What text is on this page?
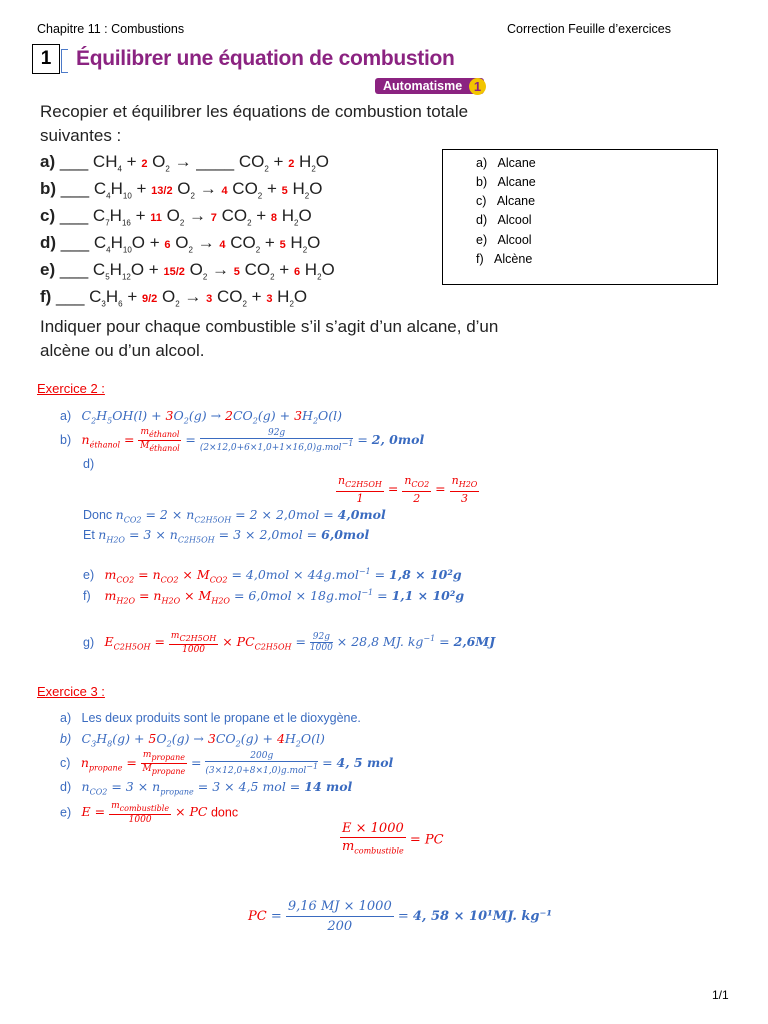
Chapitre 11 : Combustions	Correction Feuille d’exercices
1	Équilibrer une équation de combustion
Automatisme 1
Recopier et équilibrer les équations de combustion totale suivantes :
a) ___ $CH_4 + 2$ $O_2$ → ____ $CO_2 + 2$ $H_2O$
b) ___ $C_4H_{10} + 13/2$ $O_2 \to 4$ $CO_2 + 5$ $H_2O$
c) ___ $C_7H_{16} + 11$ $O_2 \to 7$ $CO_2 + 8$ $H_2O$
d) ___ $C_4H_{10}O + 6$ $O_2 \to 4$ $CO_2 + 5$ $H_2O$
e) ___ $C_5H_{12}O + 15/2$ $O_2 \to 5$ $CO_2 + 6$ $H_2O$
f) ___ $C_3H_6 + 9/2$ $O_2 \to 3$ $CO_2 + 3$ $H_2O$
Indiquer pour chaque combustible s’il s’agit d’un alcane, d’un alcène ou d’un alcool.
a)   Alcane
b)   Alcane
c)   Alcane
d)   Alcool
e)   Alcool
f)   Alcène
Exercice 2 :
a)   $C_2H_5OH(l) + 3O_2(g) \to 2CO_2(g) + 3H_2O(l)$
b)   $n_{éthanol} = \frac{m_{éthanol}}{M_{éthanol}} = \frac{92g}{(2\times 12,0+6\times 1,0+1\times 16,0)g.mol^{-1}} = 2$, 0mol
d)
$\frac{n_{C2H5OH}}{1} = \frac{n_{CO2}}{2} = \frac{n_{H2O}}{3}$
Donc $n_{CO2} = 2 \times n_{C2H5OH} = 2 \times 2,0mol = 4,0mol$
Et $n_{H2O} = 3 \times n_{C2H5OH} = 3 \times 2,0mol = 6,0mol$
e)   $m_{CO2} = n_{CO2} \times M_{CO2} = 4,0mol \times 44g.mol^{-1} = 1,8 \times 10^2g$
f)    $m_{H2O} = n_{H2O} \times M_{H2O} = 6,0mol \times 18g.mol^{-1} = 1,1 \times 10^2g$
g)   $E_{C2H5OH} = \frac{m_{C2H5OH}}{1000} \times PC_{C2H5OH} = \frac{92g}{1000} \times 28,8$ MJ. $kg^{-1} = 2,6MJ$
Exercice 3 :
a)   Les deux produits sont le propane et le dioxygène.
b) $C_3H_8(g) + 5O_2(g) \to 3CO_2(g) + 4H_2O(l)$
c)   $n_{propane} = \frac{m_{propane}}{M_{propane}} = \frac{200g}{(3\times 12,0+8\times 1,0)g.mol^{-1}} = 4$, 5 mol
d)   $n_{CO2} = 3 \times n_{propane} = 3 \times 4,5$ mol = 14 mol
e)   $E = \frac{m_{combustible}}{1000}$ × PC donc
$\frac{E \times 1000}{m_{combustible}}$ = PC
PC = $\frac{9,16 MJ \times 1000}{200} = 4$, 58 × 10¹MJ. kg⁻¹
1/1
